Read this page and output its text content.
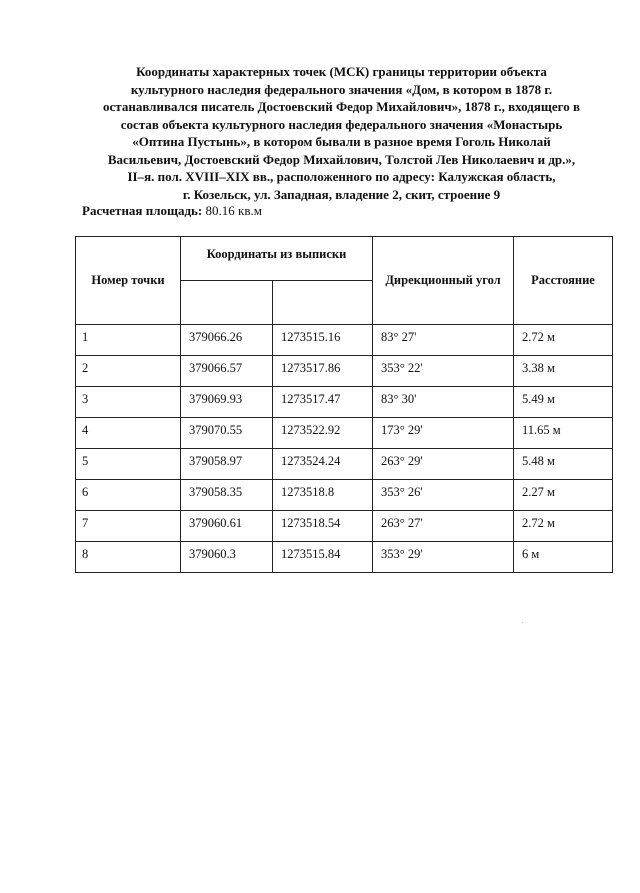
Координаты характерных точек (МСК) границы территории объекта
культурного наследия федерального значения «Дом, в котором в 1878 г.
останавливался писатель Достоевский Федор Михайлович», 1878 г., входящего в
состав объекта культурного наследия федерального значения «Монастырь
«Оптина Пустынь», в котором бывали в разное время Гоголь Николай
Васильевич, Достоевский Федор Михайлович, Толстой Лев Николаевич и др.»,
II–я. пол. XVIII–XIX вв., расположенного по адресу: Калужская область,
г. Козельск, ул. Западная, владение 2, скит, строение 9
Расчетная площадь: 80.16 кв.м
Номер точки	Координаты из выписки		Дирекционный угол	Расстояние

1	379066.26	1273515.16	83° 27'	2.72 м
2	379066.57	1273517.86	353° 22'	3.38 м
3	379069.93	1273517.47	83° 30'	5.49 м
4	379070.55	1273522.92	173° 29'	11.65 м
5	379058.97	1273524.24	263° 29'	5.48 м
6	379058.35	1273518.8	353° 26'	2.27 м
7	379060.61	1273518.54	263° 27'	2.72 м
8	379060.3	1273515.84	353° 29'	6 м
